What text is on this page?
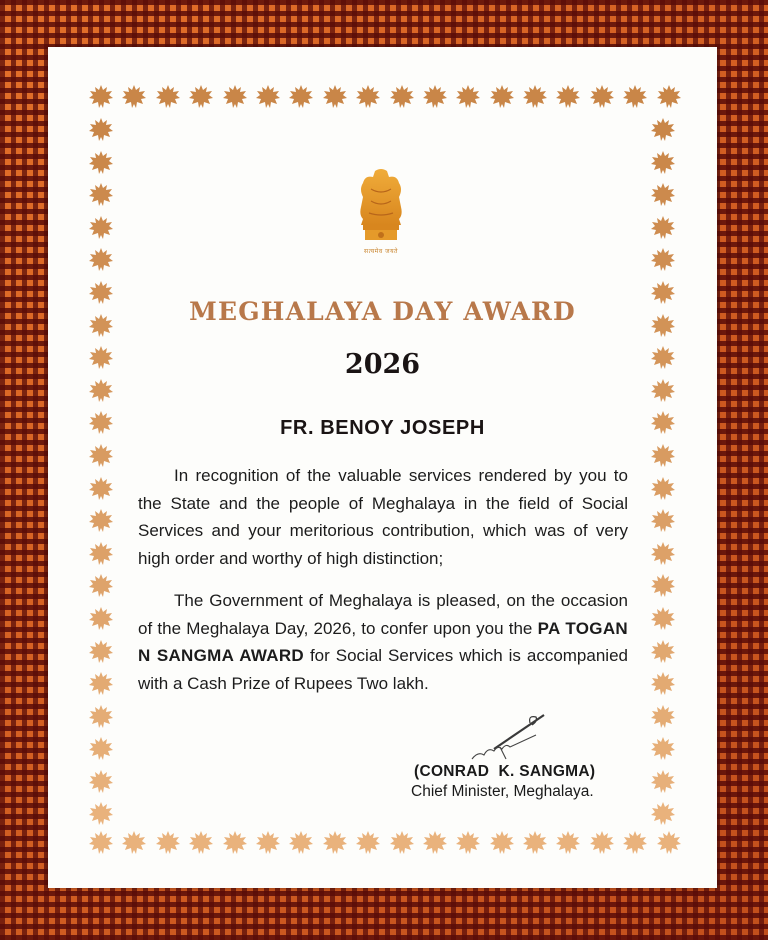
सत्यमेव जयते
MEGHALAYA DAY AWARD
2026
FR. BENOY JOSEPH
In recognition of the valuable services rendered by you to the State and the people of Meghalaya in the field of Social Services and your meritorious contribution, which was of very high order and worthy of high distinction;
The Government of Meghalaya is pleased, on the occasion of the Meghalaya Day, 2026, to confer upon you the PA TOGAN N SANGMA AWARD for Social Services which is accompanied with a Cash Prize of Rupees Two lakh.
(CONRAD  K. SANGMA)
Chief Minister, Meghalaya.
